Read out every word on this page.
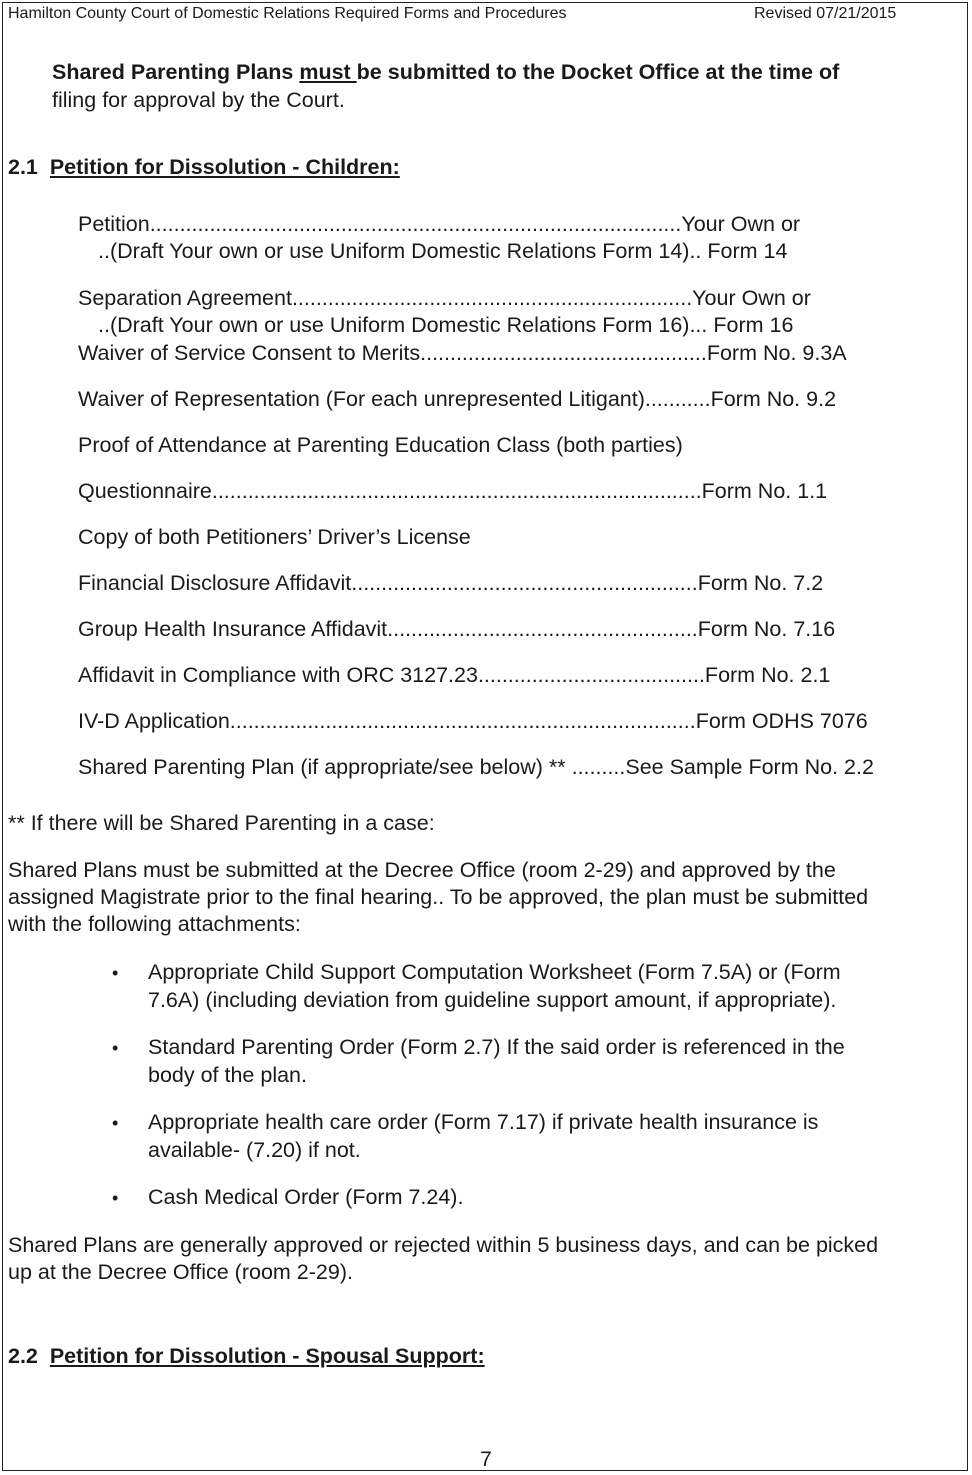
Hamilton County Court of Domestic Relations Required Forms and Procedures	Revised 07/21/2015
Shared Parenting Plans must be submitted to the Docket Office at the time of
filing for approval by the Court.
2.1 Petition for Dissolution - Children:
Petition.........................................................................................Your Own or
..(Draft Your own or use Uniform Domestic Relations Form 14).. Form 14
Separation Agreement...................................................................Your Own or
..(Draft Your own or use Uniform Domestic Relations Form 16)... Form 16
Waiver of Service Consent to Merits................................................Form No. 9.3A
Waiver of Representation (For each unrepresented Litigant)...........Form No. 9.2
Proof of Attendance at Parenting Education Class (both parties)
Questionnaire..................................................................................Form No. 1.1
Copy of both Petitioners’ Driver’s License
Financial Disclosure Affidavit..........................................................Form No. 7.2
Group Health Insurance Affidavit....................................................Form No. 7.16
Affidavit in Compliance with ORC 3127.23......................................Form No. 2.1
IV-D Application..............................................................................Form ODHS 7076
Shared Parenting Plan (if appropriate/see below) ** .........See Sample Form No. 2.2
** If there will be Shared Parenting in a case:
Shared Plans must be submitted at the Decree Office (room 2-29) and approved by the
assigned Magistrate prior to the final hearing.. To be approved, the plan must be submitted
with the following attachments:
• Appropriate Child Support Computation Worksheet (Form 7.5A) or (Form
7.6A) (including deviation from guideline support amount, if appropriate).
• Standard Parenting Order (Form 2.7) If the said order is referenced in the
body of the plan.
• Appropriate health care order (Form 7.17) if private health insurance is
available- (7.20) if not.
• Cash Medical Order (Form 7.24).
Shared Plans are generally approved or rejected within 5 business days, and can be picked
up at the Decree Office (room 2-29).
2.2 Petition for Dissolution - Spousal Support:
7
